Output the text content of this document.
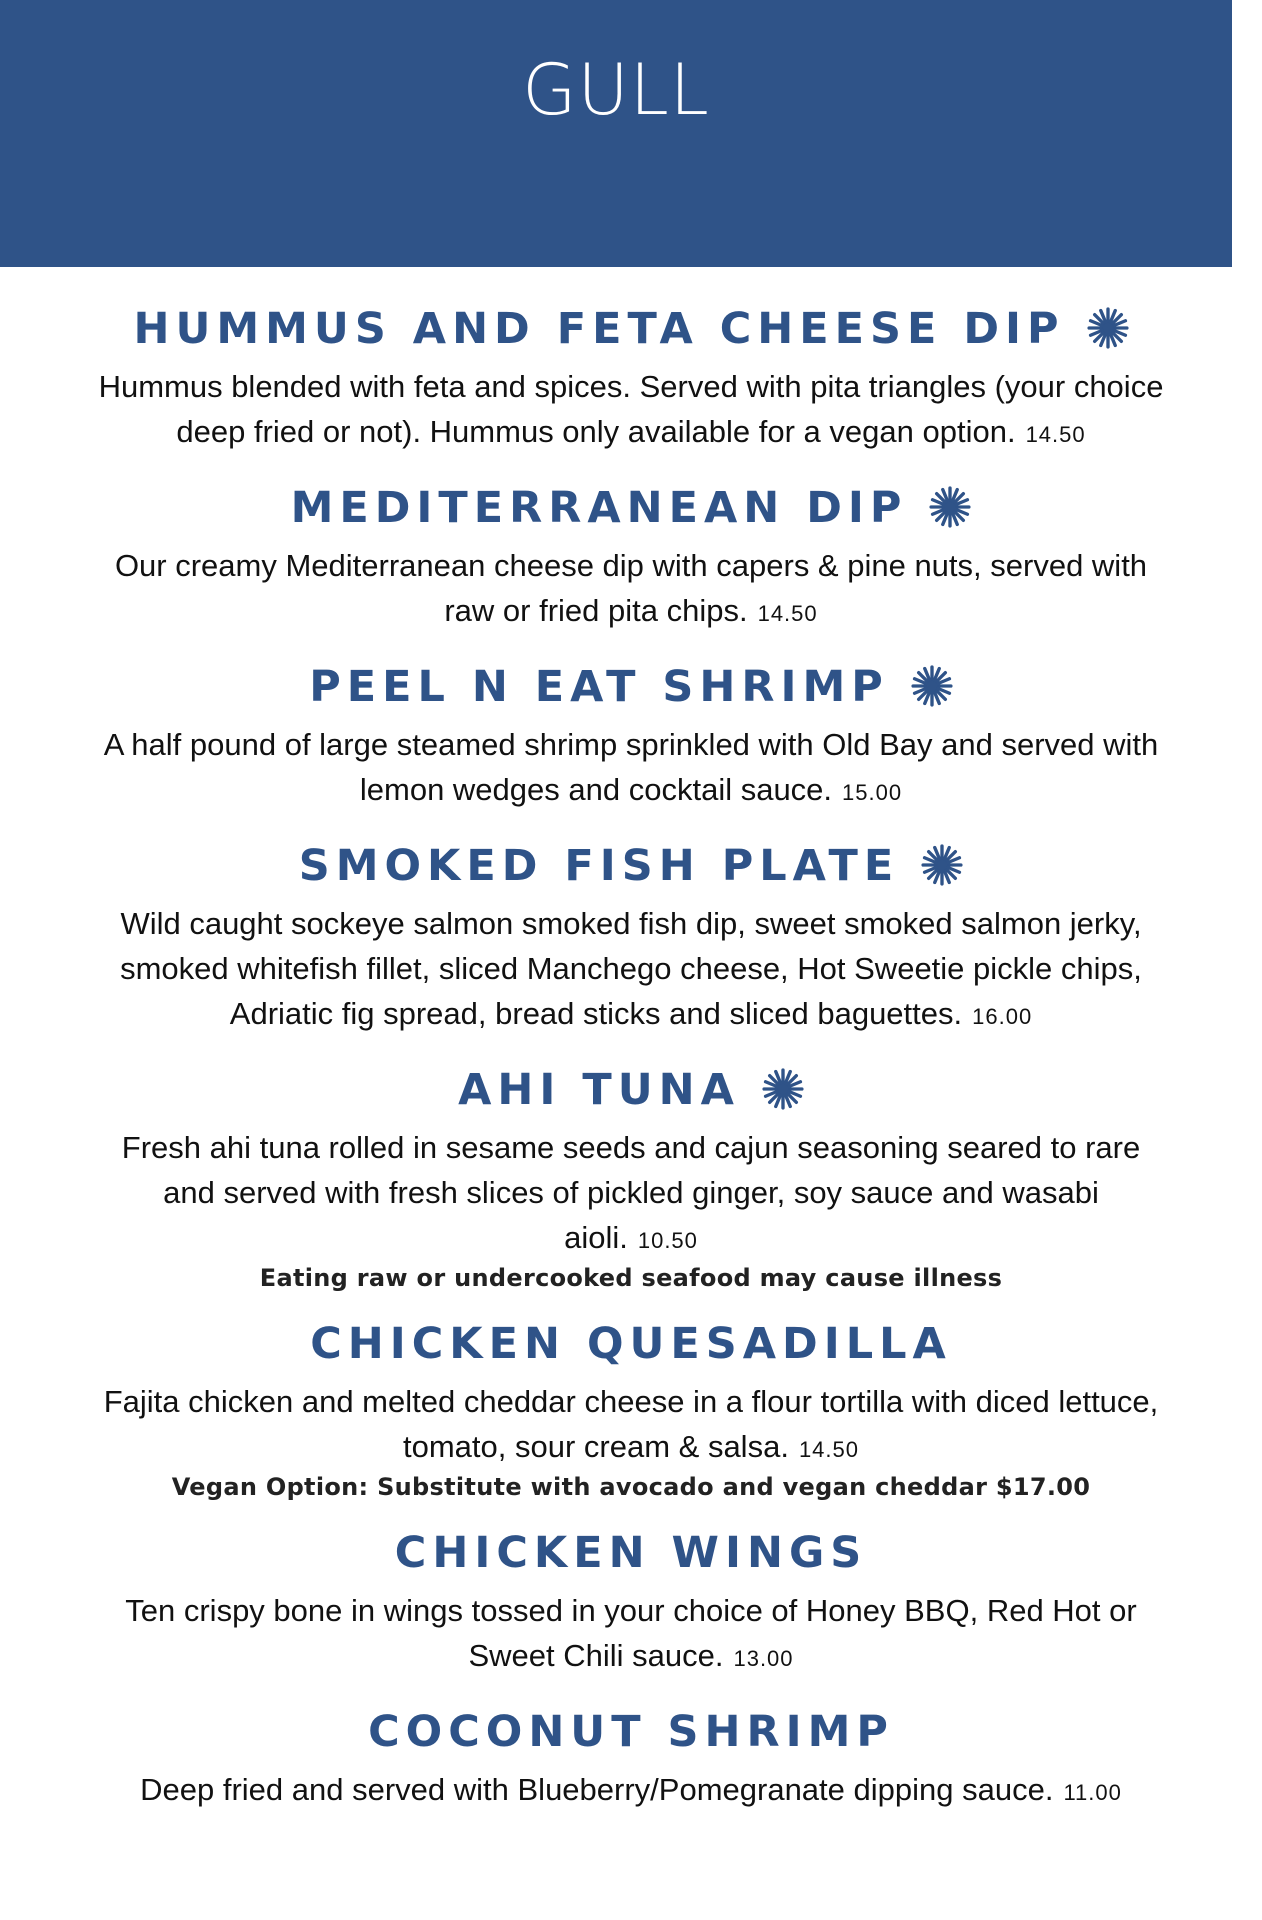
GULL
HUMMUS AND FETA CHEESE DIP

Hummus blended with feta and spices. Served with pita triangles (your choice deep fried or not). Hummus only available for a vegan option. 14.50

MEDITERRANEAN DIP

Our creamy Mediterranean cheese dip with capers & pine nuts, served with raw or fried pita chips. 14.50

PEEL N EAT SHRIMP

A half pound of large steamed shrimp sprinkled with Old Bay and served with lemon wedges and cocktail sauce. 15.00

SMOKED FISH PLATE

Wild caught sockeye salmon smoked fish dip, sweet smoked salmon jerky, smoked whitefish fillet, sliced Manchego cheese, Hot Sweetie pickle chips, Adriatic fig spread, bread sticks and sliced baguettes. 16.00

AHI TUNA

Fresh ahi tuna rolled in sesame seeds and cajun seasoning seared to rare and served with fresh slices of pickled ginger, soy sauce and wasabi aioli. 10.50

Eating raw or undercooked seafood may cause illness

CHICKEN QUESADILLA

Fajita chicken and melted cheddar cheese in a flour tortilla with diced lettuce, tomato, sour cream & salsa. 14.50

Vegan Option: Substitute with avocado and vegan cheddar $17.00

CHICKEN WINGS

Ten crispy bone in wings tossed in your choice of Honey BBQ, Red Hot or Sweet Chili sauce. 13.00

COCONUT SHRIMP

Deep fried and served with Blueberry/Pomegranate dipping sauce. 11.00
